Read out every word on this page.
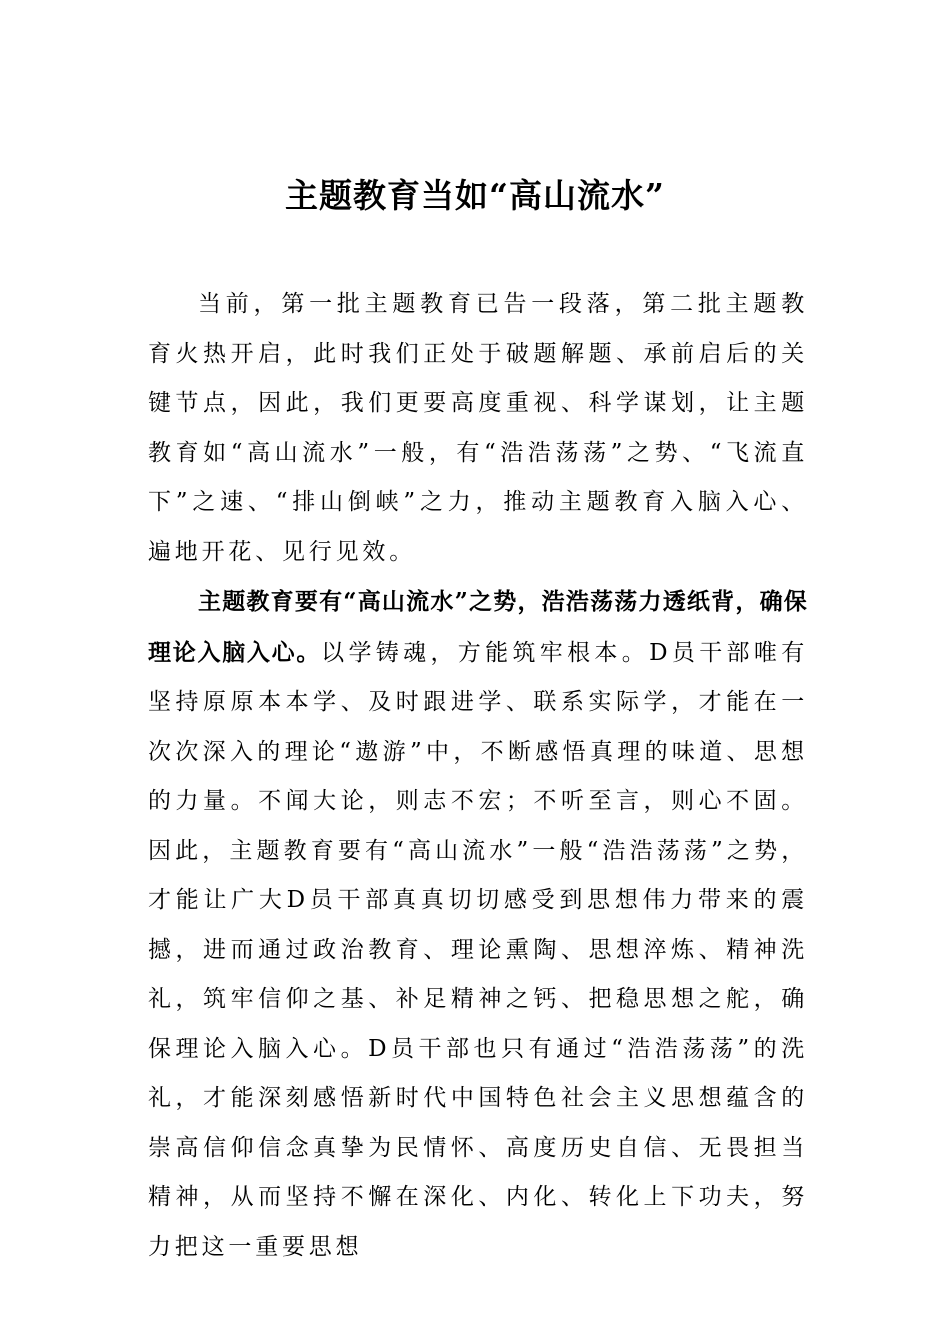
主题教育当如“高山流水”

当前，第一批主题教育已告一段落，第二批主题教育火热开启，此时我们正处于破题解题、承前启后的关键节点，因此，我们更要高度重视、科学谋划，让主题教育如“高山流水”一般，有“浩浩荡荡”之势、“飞流直下”之速、“排山倒峡”之力，推动主题教育入脑入心、遍地开花、见行见效。

主题教育要有“高山流水”之势，浩浩荡荡力透纸背，确保理论入脑入心。以学铸魂，方能筑牢根本。D员干部唯有坚持原原本本学、及时跟进学、联系实际学，才能在一次次深入的理论“遨游”中，不断感悟真理的味道、思想的力量。不闻大论，则志不宏；不听至言，则心不固。因此，主题教育要有“高山流水”一般“浩浩荡荡”之势，才能让广大D员干部真真切切感受到思想伟力带来的震撼，进而通过政治教育、理论熏陶、思想淬炼、精神洗礼，筑牢信仰之基、补足精神之钙、把稳思想之舵，确保理论入脑入心。D员干部也只有通过“浩浩荡荡”的洗礼，才能深刻感悟新时代中国特色社会主义思想蕴含的崇高信仰信念真挚为民情怀、高度历史自信、无畏担当精神，从而坚持不懈在深化、内化、转化上下功夫，努力把这一重要思想
